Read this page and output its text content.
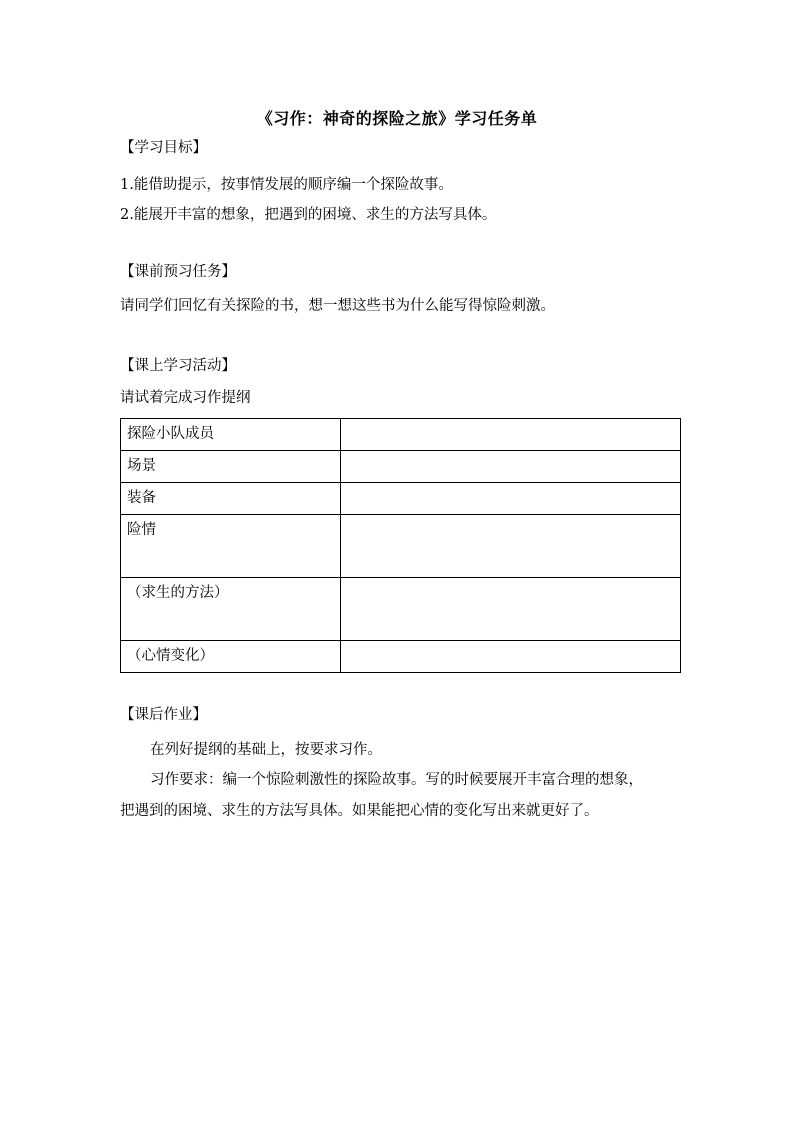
《习作：神奇的探险之旅》学习任务单
【学习目标】
1.能借助提示，按事情发展的顺序编一个探险故事。
2.能展开丰富的想象，把遇到的困境、求生的方法写具体。
【课前预习任务】
请同学们回忆有关探险的书，想一想这些书为什么能写得惊险刺激。
【课上学习活动】
请试着完成习作提纲
探险小队成员	
场景	
装备	
险情	
（求生的方法）	
（心情变化）	
【课后作业】
在列好提纲的基础上，按要求习作。
习作要求：编一个惊险刺激性的探险故事。写的时候要展开丰富合理的想象，
把遇到的困境、求生的方法写具体。如果能把心情的变化写出来就更好了。
